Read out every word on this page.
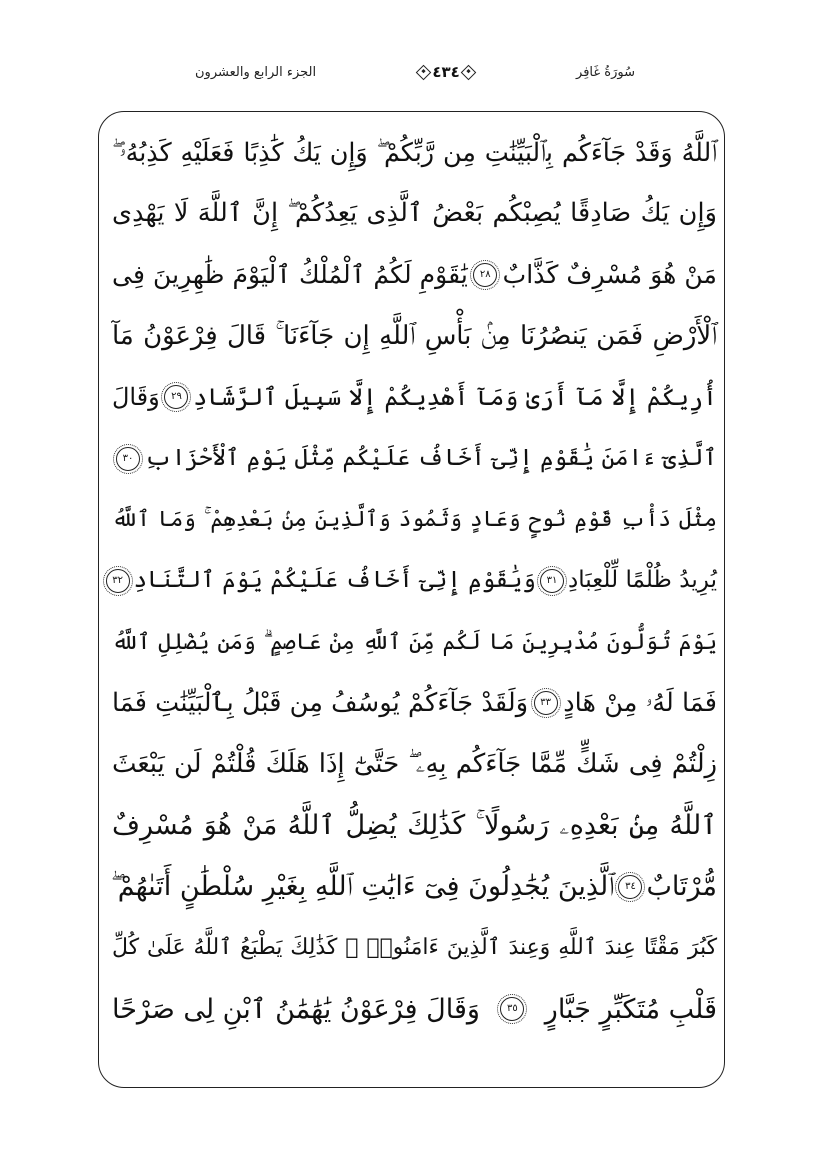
سُورَةُ غَافِر
٤٣٤
الجزء الرابع والعشرون
ٱللَّهُ وَقَدْ جَآءَكُم بِٱلْبَيِّنَٰتِ مِن رَّبِّكُمْ ۖ وَإِن يَكُ كَٰذِبًا فَعَلَيْهِ كَذِبُهُۥ ۖ
وَإِن يَكُ صَادِقًا يُصِبْكُم بَعْضُ ٱلَّذِى يَعِدُكُمْ ۖ إِنَّ ٱللَّهَ لَا يَهْدِى
مَنْ هُوَ مُسْرِفٌ كَذَّابٌ
٢٨
يَٰقَوْمِ لَكُمُ ٱلْمُلْكُ ٱلْيَوْمَ ظَٰهِرِينَ فِى
ٱلْأَرْضِ فَمَن يَنصُرُنَا مِنۢ بَأْسِ ٱللَّهِ إِن جَآءَنَا ۚ قَالَ فِرْعَوْنُ مَآ
أُرِيكُمْ إِلَّا مَآ أَرَىٰ وَمَآ أَهْدِيكُمْ إِلَّا سَبِيلَ ٱلرَّشَادِ
٢٩
وَقَالَ
ٱلَّذِىٓ ءَامَنَ يَٰقَوْمِ إِنِّىٓ أَخَافُ عَلَيْكُم مِّثْلَ يَوْمِ ٱلْأَحْزَابِ
٣٠
مِثْلَ دَأْبِ قَوْمِ نُوحٍ وَعَادٍ وَثَمُودَ وَٱلَّذِينَ مِنۢ بَعْدِهِمْ ۚ وَمَا ٱللَّهُ
يُرِيدُ ظُلْمًا لِّلْعِبَادِ
٣١
وَيَٰقَوْمِ إِنِّىٓ أَخَافُ عَلَيْكُمْ يَوْمَ ٱلتَّنَادِ
٣٢
يَوْمَ تُوَلُّونَ مُدْبِرِينَ مَا لَكُم مِّنَ ٱللَّهِ مِنْ عَاصِمٍ ۗ وَمَن يُضْلِلِ ٱللَّهُ
فَمَا لَهُۥ مِنْ هَادٍ
٣٣
وَلَقَدْ جَآءَكُمْ يُوسُفُ مِن قَبْلُ بِٱلْبَيِّنَٰتِ فَمَا
زِلْتُمْ فِى شَكٍّ مِّمَّا جَآءَكُم بِهِۦ ۖ حَتَّىٰٓ إِذَا هَلَكَ قُلْتُمْ لَن يَبْعَثَ
ٱللَّهُ مِنۢ بَعْدِهِۦ رَسُولًا ۚ كَذَٰلِكَ يُضِلُّ ٱللَّهُ مَنْ هُوَ مُسْرِفٌ
مُّرْتَابٌ
٣٤
ٱلَّذِينَ يُجَٰدِلُونَ فِىٓ ءَايَٰتِ ٱللَّهِ بِغَيْرِ سُلْطَٰنٍ أَتَىٰهُمْ ۖ
كَبُرَ مَقْتًا عِندَ ٱللَّهِ وَعِندَ ٱلَّذِينَ ءَامَنُوا۟ ۚ كَذَٰلِكَ يَطْبَعُ ٱللَّهُ عَلَىٰ كُلِّ
قَلْبِ مُتَكَبِّرٍ جَبَّارٍ
٣٥
وَقَالَ فِرْعَوْنُ يَٰهَٰمَٰنُ ٱبْنِ لِى صَرْحًا
